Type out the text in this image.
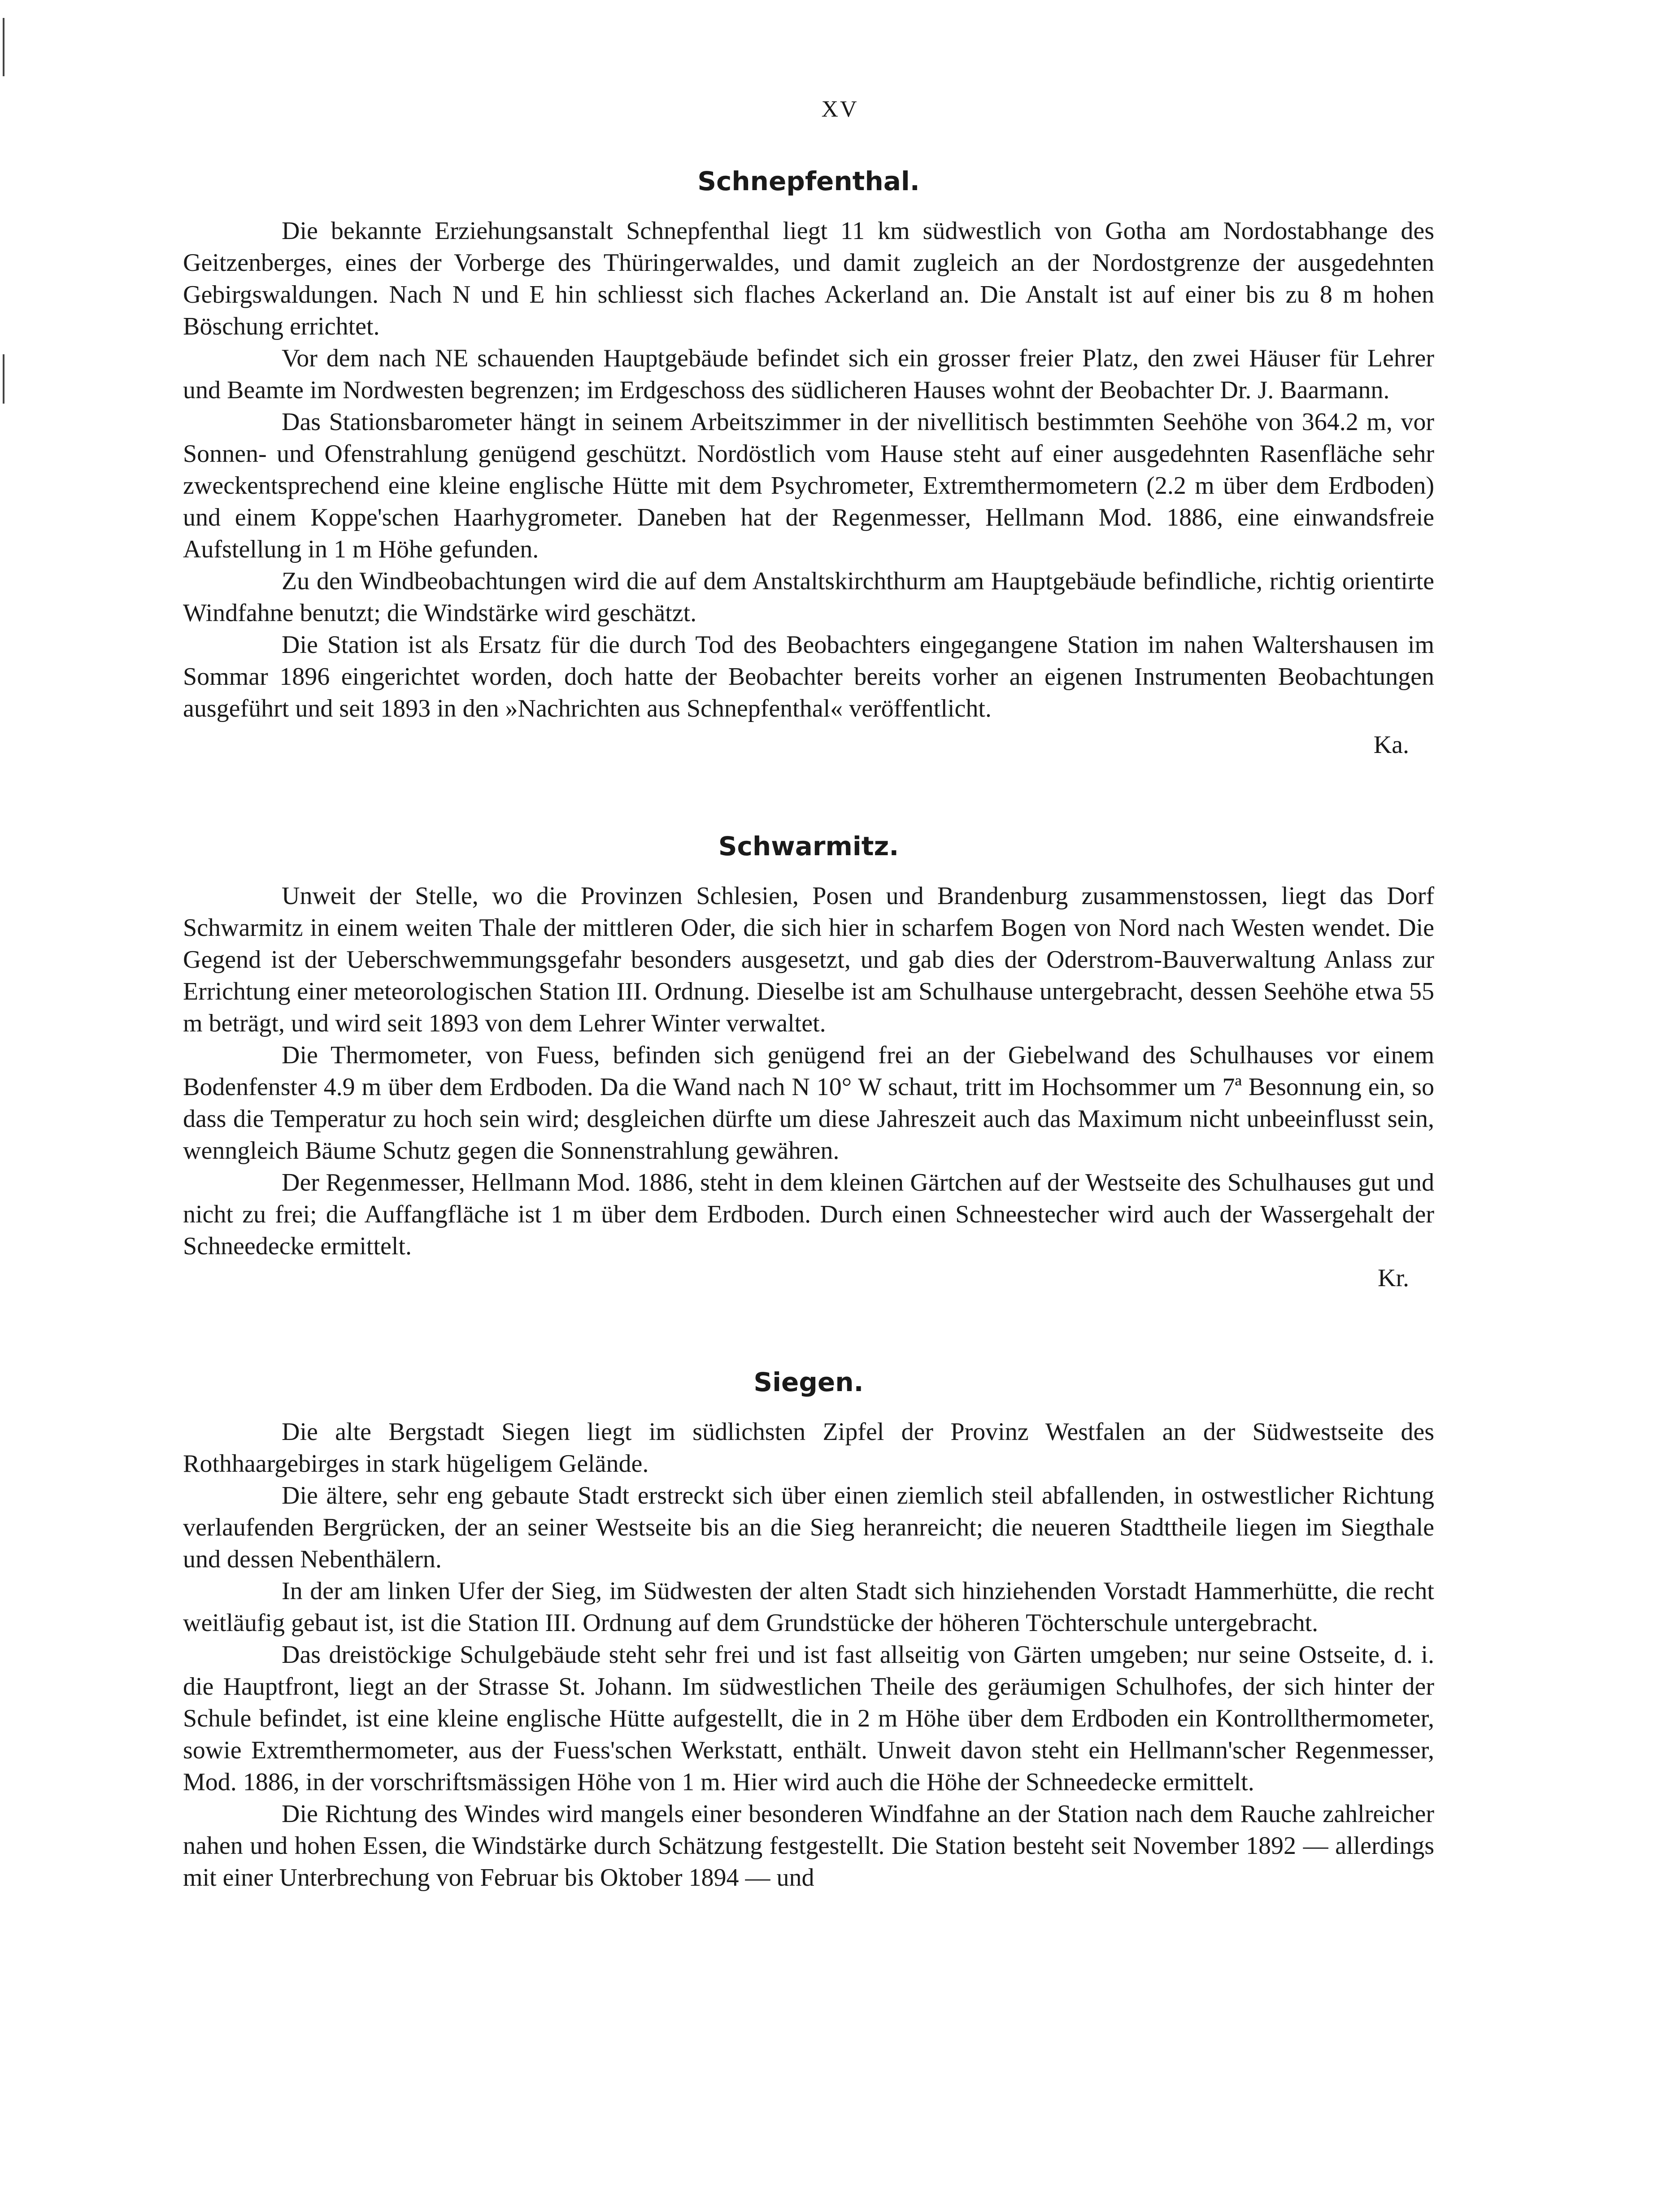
XV
Schnepfenthal.

Die bekannte Erziehungsanstalt Schnepfenthal liegt 11 km südwestlich von Gotha am Nordostabhange des Geitzenberges, eines der Vorberge des Thüringerwaldes, und damit zugleich an der Nordostgrenze der ausgedehnten Gebirgswaldungen. Nach N und E hin schliesst sich flaches Ackerland an. Die Anstalt ist auf einer bis zu 8 m hohen Böschung errichtet.

Vor dem nach NE schauenden Hauptgebäude befindet sich ein grosser freier Platz, den zwei Häuser für Lehrer und Beamte im Nordwesten begrenzen; im Erdgeschoss des südlicheren Hauses wohnt der Beobachter Dr. J. Baarmann.

Das Stationsbarometer hängt in seinem Arbeitszimmer in der nivellitisch bestimmten Seehöhe von 364.2 m, vor Sonnen- und Ofenstrahlung genügend geschützt. Nordöstlich vom Hause steht auf einer ausgedehnten Rasenfläche sehr zweckentsprechend eine kleine englische Hütte mit dem Psychrometer, Extremthermometern (2.2 m über dem Erdboden) und einem Koppe'schen Haarhygrometer. Daneben hat der Regenmesser, Hellmann Mod. 1886, eine einwandsfreie Aufstellung in 1 m Höhe gefunden.

Zu den Windbeobachtungen wird die auf dem Anstaltskirchthurm am Hauptgebäude befindliche, richtig orientirte Windfahne benutzt; die Windstärke wird geschätzt.

Die Station ist als Ersatz für die durch Tod des Beobachters eingegangene Station im nahen Waltershausen im Sommar 1896 eingerichtet worden, doch hatte der Beobachter bereits vorher an eigenen Instrumenten Beobachtungen ausgeführt und seit 1893 in den »Nachrichten aus Schnepfenthal« veröffentlicht.

Ka.

Schwarmitz.

Unweit der Stelle, wo die Provinzen Schlesien, Posen und Brandenburg zusammenstossen, liegt das Dorf Schwarmitz in einem weiten Thale der mittleren Oder, die sich hier in scharfem Bogen von Nord nach Westen wendet. Die Gegend ist der Ueberschwemmungsgefahr besonders ausgesetzt, und gab dies der Oderstrom-Bauverwaltung Anlass zur Errichtung einer meteorologischen Station III. Ordnung. Dieselbe ist am Schulhause untergebracht, dessen Seehöhe etwa 55 m beträgt, und wird seit 1893 von dem Lehrer Winter verwaltet.

Die Thermometer, von Fuess, befinden sich genügend frei an der Giebelwand des Schulhauses vor einem Bodenfenster 4.9 m über dem Erdboden. Da die Wand nach N 10° W schaut, tritt im Hochsommer um 7ª Besonnung ein, so dass die Temperatur zu hoch sein wird; desgleichen dürfte um diese Jahreszeit auch das Maximum nicht unbeeinflusst sein, wenngleich Bäume Schutz gegen die Sonnenstrahlung gewähren.

Der Regenmesser, Hellmann Mod. 1886, steht in dem kleinen Gärtchen auf der Westseite des Schulhauses gut und nicht zu frei; die Auffangfläche ist 1 m über dem Erdboden. Durch einen Schneestecher wird auch der Wassergehalt der Schneedecke ermittelt.

Kr.

Siegen.

Die alte Bergstadt Siegen liegt im südlichsten Zipfel der Provinz Westfalen an der Südwestseite des Rothhaargebirges in stark hügeligem Gelände.

Die ältere, sehr eng gebaute Stadt erstreckt sich über einen ziemlich steil abfallenden, in ostwestlicher Richtung verlaufenden Bergrücken, der an seiner Westseite bis an die Sieg heranreicht; die neueren Stadttheile liegen im Siegthale und dessen Nebenthälern.

In der am linken Ufer der Sieg, im Südwesten der alten Stadt sich hinziehenden Vorstadt Hammerhütte, die recht weitläufig gebaut ist, ist die Station III. Ordnung auf dem Grundstücke der höheren Töchterschule untergebracht.

Das dreistöckige Schulgebäude steht sehr frei und ist fast allseitig von Gärten umgeben; nur seine Ostseite, d. i. die Hauptfront, liegt an der Strasse St. Johann. Im südwestlichen Theile des geräumigen Schulhofes, der sich hinter der Schule befindet, ist eine kleine englische Hütte aufgestellt, die in 2 m Höhe über dem Erdboden ein Kontrollthermometer, sowie Extremthermometer, aus der Fuess'schen Werkstatt, enthält. Unweit davon steht ein Hellmann'scher Regenmesser, Mod. 1886, in der vorschriftsmässigen Höhe von 1 m. Hier wird auch die Höhe der Schneedecke ermittelt.

Die Richtung des Windes wird mangels einer besonderen Windfahne an der Station nach dem Rauche zahlreicher nahen und hohen Essen, die Windstärke durch Schätzung festgestellt. Die Station besteht seit November 1892 — allerdings mit einer Unterbrechung von Februar bis Oktober 1894 — und
